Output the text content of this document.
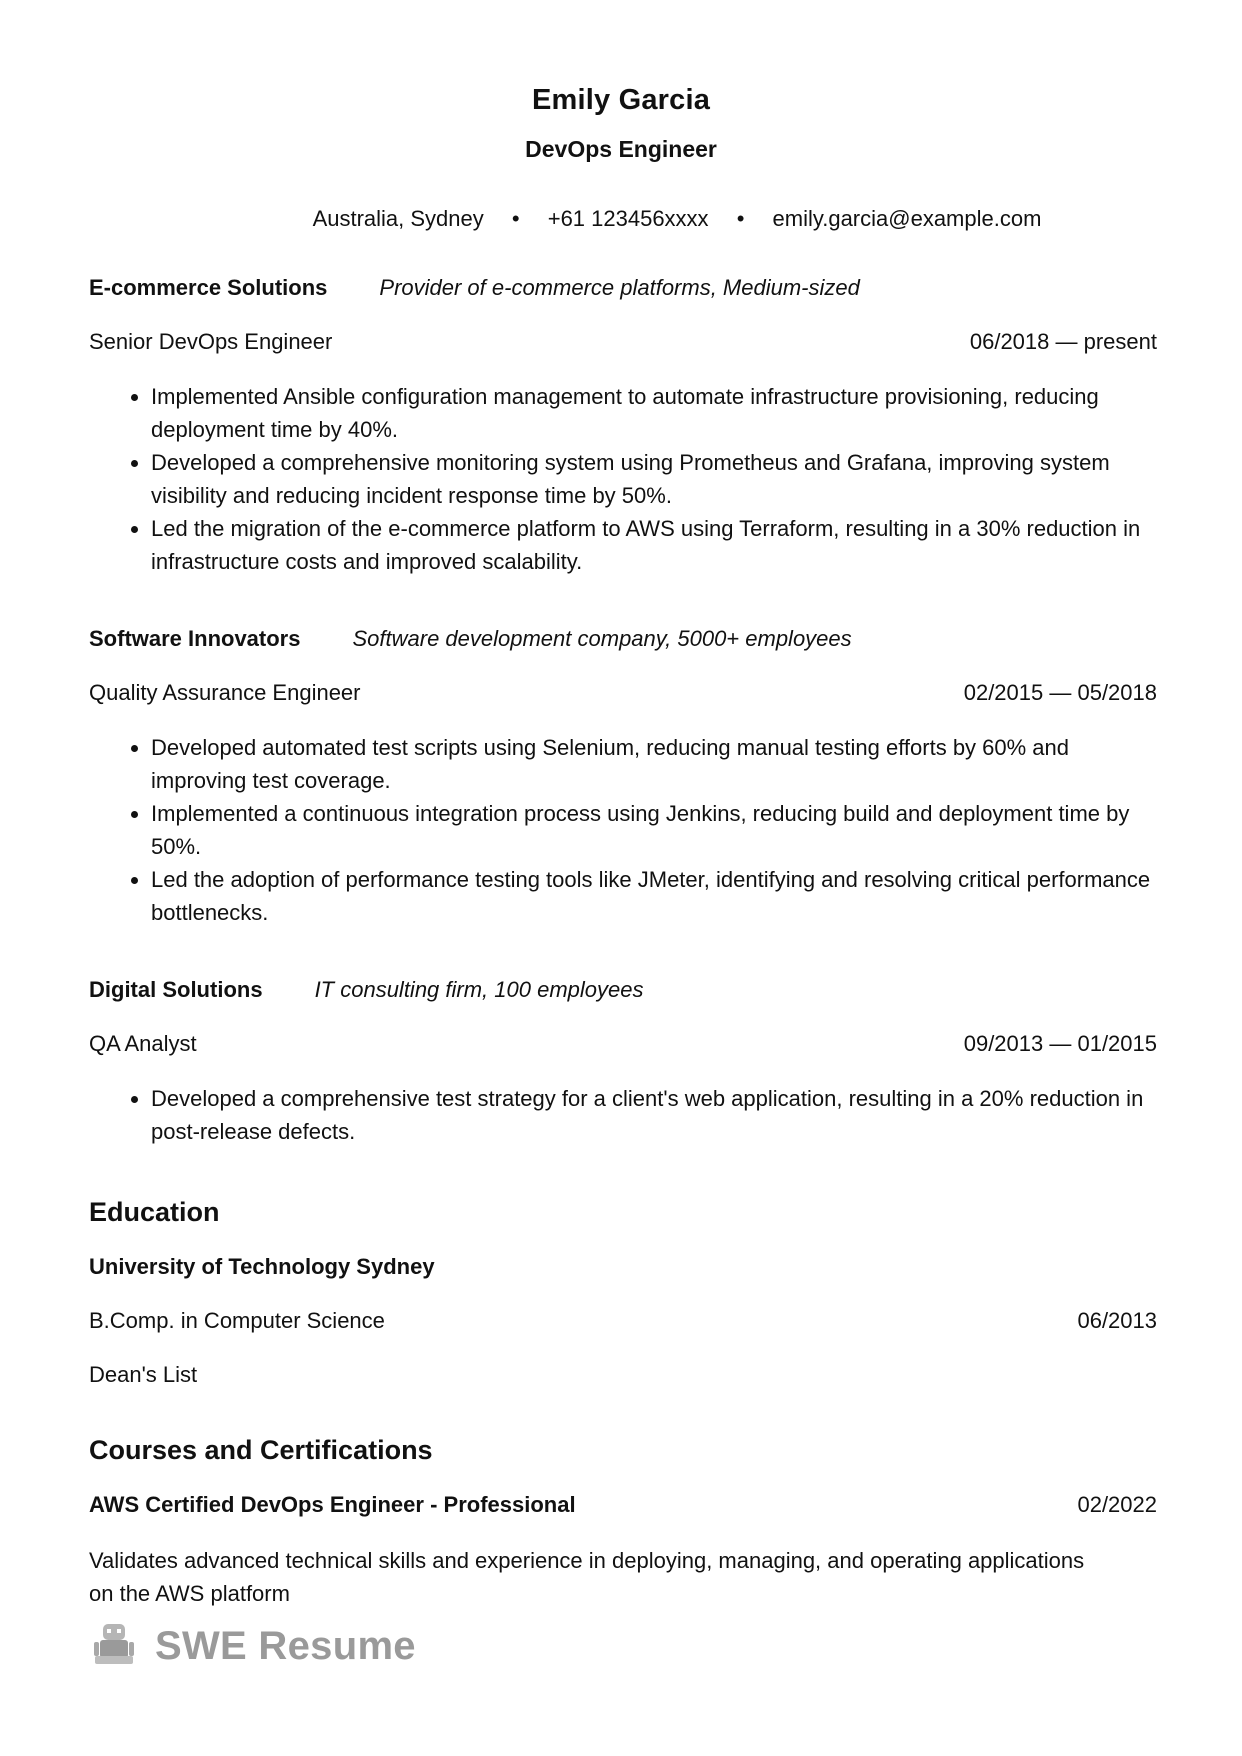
Emily Garcia
DevOps Engineer
Australia, Sydney • +61 123456xxxx • emily.garcia@example.com
E-commerce Solutions Provider of e-commerce platforms, Medium-sized
Senior DevOps Engineer	06/2018 — present
• Implemented Ansible configuration management to automate infrastructure provisioning, reducing deployment time by 40%.
• Developed a comprehensive monitoring system using Prometheus and Grafana, improving system visibility and reducing incident response time by 50%.
• Led the migration of the e-commerce platform to AWS using Terraform, resulting in a 30% reduction in infrastructure costs and improved scalability.
Software Innovators Software development company, 5000+ employees
Quality Assurance Engineer	02/2015 — 05/2018
• Developed automated test scripts using Selenium, reducing manual testing efforts by 60% and improving test coverage.
• Implemented a continuous integration process using Jenkins, reducing build and deployment time by 50%.
• Led the adoption of performance testing tools like JMeter, identifying and resolving critical performance bottlenecks.
Digital Solutions IT consulting firm, 100 employees
QA Analyst	09/2013 — 01/2015
• Developed a comprehensive test strategy for a client's web application, resulting in a 20% reduction in post-release defects.
Education
University of Technology Sydney
B.Comp. in Computer Science	06/2013
Dean's List
Courses and Certifications
AWS Certified DevOps Engineer - Professional	02/2022
Validates advanced technical skills and experience in deploying, managing, and operating applications on the AWS platform
SWE Resume
